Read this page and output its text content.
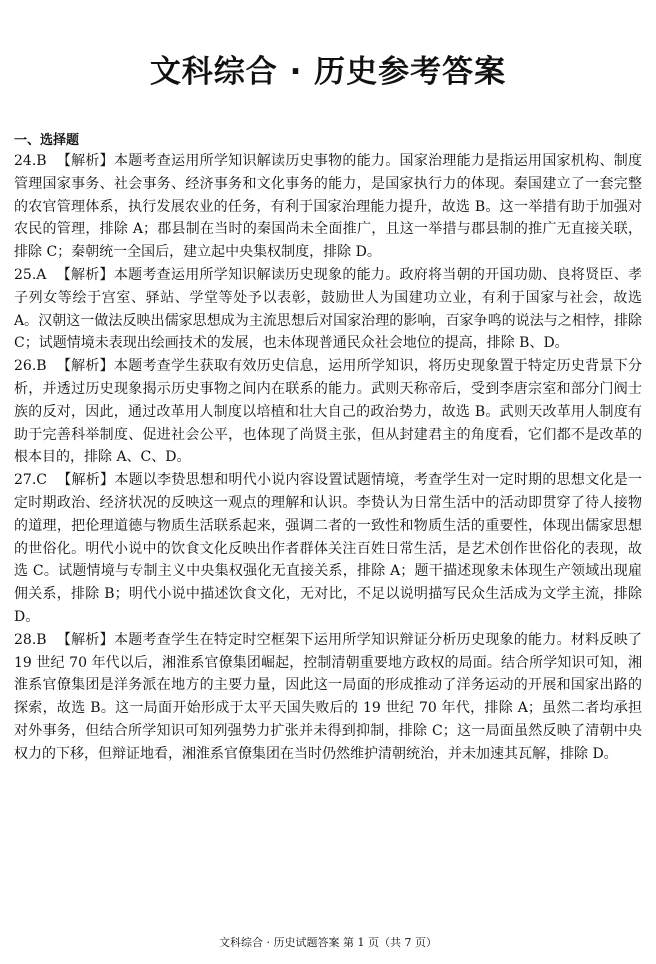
文科综合 · 历史参考答案
一、选择题

24.B 【解析】本题考查运用所学知识解读历史事物的能力。国家治理能力是指运用国家机构、制度管理国家事务、社会事务、经济事务和文化事务的能力，是国家执行力的体现。秦国建立了一套完整的农官管理体系，执行发展农业的任务，有利于国家治理能力提升，故选 B。这一举措有助于加强对农民的管理，排除 A；郡县制在当时的秦国尚未全面推广，且这一举措与郡县制的推广无直接关联，排除 C；秦朝统一全国后，建立起中央集权制度，排除 D。

25.A 【解析】本题考查运用所学知识解读历史现象的能力。政府将当朝的开国功勋、良将贤臣、孝子列女等绘于宫室、驿站、学堂等处予以表彰，鼓励世人为国建功立业，有利于国家与社会，故选 A。汉朝这一做法反映出儒家思想成为主流思想后对国家治理的影响，百家争鸣的说法与之相悖，排除 C；试题情境未表现出绘画技术的发展，也未体现普通民众社会地位的提高，排除 B、D。

26.B 【解析】本题考查学生获取有效历史信息，运用所学知识，将历史现象置于特定历史背景下分析，并透过历史现象揭示历史事物之间内在联系的能力。武则天称帝后，受到李唐宗室和部分门阀士族的反对，因此，通过改革用人制度以培植和壮大自己的政治势力，故选 B。武则天改革用人制度有助于完善科举制度、促进社会公平，也体现了尚贤主张，但从封建君主的角度看，它们都不是改革的根本目的，排除 A、C、D。

27.C 【解析】本题以李贽思想和明代小说内容设置试题情境，考查学生对一定时期的思想文化是一定时期政治、经济状况的反映这一观点的理解和认识。李贽认为日常生活中的活动即贯穿了待人接物的道理，把伦理道德与物质生活联系起来，强调二者的一致性和物质生活的重要性，体现出儒家思想的世俗化。明代小说中的饮食文化反映出作者群体关注百姓日常生活，是艺术创作世俗化的表现，故选 C。试题情境与专制主义中央集权强化无直接关系，排除 A；题干描述现象未体现生产领域出现雇佣关系，排除 B；明代小说中描述饮食文化，无对比，不足以说明描写民众生活成为文学主流，排除 D。

28.B 【解析】本题考查学生在特定时空框架下运用所学知识辩证分析历史现象的能力。材料反映了 19 世纪 70 年代以后，湘淮系官僚集团崛起，控制清朝重要地方政权的局面。结合所学知识可知，湘淮系官僚集团是洋务派在地方的主要力量，因此这一局面的形成推动了洋务运动的开展和国家出路的探索，故选 B。这一局面开始形成于太平天国失败后的 19 世纪 70 年代，排除 A；虽然二者均承担对外事务，但结合所学知识可知列强势力扩张并未得到抑制，排除 C；这一局面虽然反映了清朝中央权力的下移，但辩证地看，湘淮系官僚集团在当时仍然维护清朝统治，并未加速其瓦解，排除 D。

文科综合 · 历史试题答案 第 1 页（共 7 页）
